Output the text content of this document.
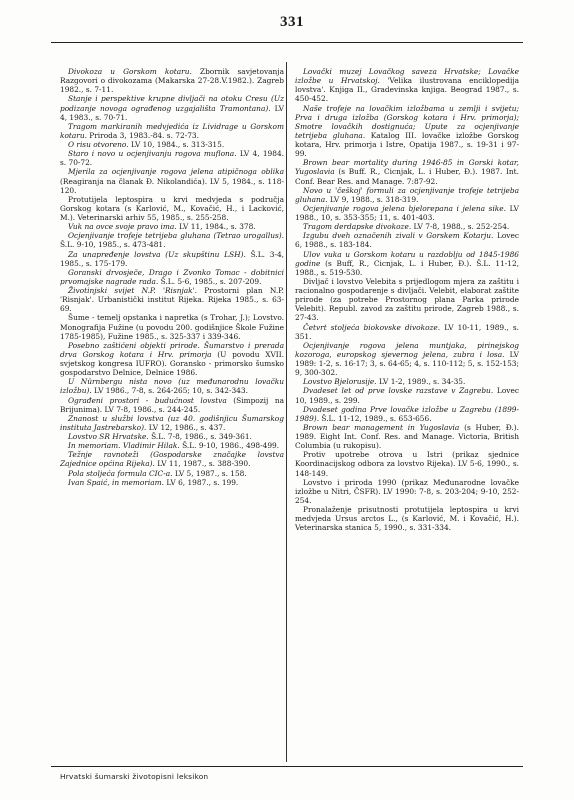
331

Divokoza u Gorskom kotaru. Zbornik savjetovanja Razgovori o divokozama (Makarska 27-28.V.1982.). Zagreb 1982., s. 7-11.

Stanje i perspektive krupne divljači na otoku Cresu (Uz podizanje novoga ograđenog uzgajališta Tramontana). LV 4, 1983., s. 70-71.

Tragom markiranih medvjedića iz Lividrage u Gorskom kotaru. Priroda 3, 1983.-84. s. 72-73.

O risu otvoreno. LV 10, 1984., s. 313-315.

Staro i novo u ocjenjivanju rogova muflona. LV 4, 1984. s. 70-72.

Mjerila za ocjenjivanje rogova jelena atipičnoga oblika (Reagiranja na članak Đ. Nikolandića). LV 5, 1984., s. 118-120.

Protutijela leptospira u krvi medvjeda s područja Gorskog kotara (s Karlović, M., Kovačić, H., i Lacković, M.). Veterinarski arhiv 55, 1985., s. 255-258.

Vuk na ovce svoje pravo ima. LV 11, 1984., s. 378.

Ocjenjivanje trofeje tetrijeba gluhana (Tetrao urogallus). Š.L. 9-10, 1985., s. 473-481.

Za unapređenje lovstva (Uz skupštinu LSH). Š.L. 3-4, 1985., s. 175-179.

Goranski drvosječe, Drago i Zvonko Tomac - dobitnici prvomajske nagrade rada. Š.L. 5-6, 1985., s. 207-209.

Životinjski svijet N.P. 'Risnjak'. Prostorni plan N.P. 'Risnjak'. Urbanistički institut Rijeka. Rijeka 1985., s. 63-69.

Šume - temelj opstanka i napretka (s Trohar, J.); Lovstvo. Monografija Fužine (u povodu 200. godišnjice Škole Fužine 1785-1985), Fužine 1985., s. 325-337 i 339-346.

Posebno zaštićeni objekti prirode. Šumarstvo i prerada drva Gorskog kotara i Hrv. primorja (U povodu XVII. svjetskog kongresa IUFRO). Goransko - primorsko šumsko gospodarstvo Delnice, Delnice 1986.

U Nürnbergu nista novo (uz međunarodnu lovačku izložbu). LV 1986., 7-8, s. 264-265; 10, s. 342-343.

Ograđeni prostori - budućnost lovstva (Simpozij na Brijunima). LV 7-8, 1986., s. 244-245.

Znanost u službi lovstva (uz 40. godišnjicu Šumarskog instituta Jastrebarsko). LV 12, 1986., s. 437.

Lovstvo SR Hrvatske. Š.L. 7-8, 1986., s. 349-361.

In memoriam. Vladimir Hilak. Š.L. 9-10, 1986., 498-499.

Težnje ravnoteži (Gospodarske značajke lovstva Zajednice općina Rijeka). LV 11, 1987., s. 388-390.

Pola stoljeća formula CIC-a. LV 5, 1987., s. 158.

Ivan Spaić, in memoriam. LV 6, 1987., s. 199.

Lovački muzej Lovačkog saveza Hrvatske; Lovačke izložbe u Hrvatskoj. 'Velika ilustrovana enciklopedija lovstva'. Knjiga II., Gradevinska knjiga. Beograd 1987., s. 450-452.

Naše trofeje na lovačkim izložbama u zemlji i svijetu; Prva i druga izložba (Gorskog kotara i Hrv. primorja); Smotre lovačkih dostignuća; Upute za ocjenjivanje tetrijeba gluhana. Katalog III. lovačke izložbe Gorskog kotara, Hrv. primorja i Istre, Opatija 1987., s. 19-31 i 97-99.

Brown bear mortality during 1946-85 in Gorski kotar, Yugoslavia (s Buff. R., Cicnjak, L. i Huber, Đ.). 1987. Int. Conf. Bear Res. and Manage. 7:87-92.

Novo u 'češkoj' formuli za ocjenjivanje trofeje tetrijeba gluhana. LV 9, 1988., s. 318-319.

Ocjenjivanje rogova jelena bjelorepana i jelena sike. LV 1988., 10, s. 353-355; 11, s. 401-403.

Tragom derdapske divokoze. LV 7-8, 1988., s. 252-254.

Izgubu dveh označenih zivali v Gorskem Kotarju. Lovec 6, 1988., s. 183-184.

Ulov vuka u Gorskom kotaru u razdoblju od 1845-1986 godine (s Buff, R., Cicnjak, L. i Huber, Đ.). Š.L. 11-12, 1988., s. 519-530.

Divljač i lovstvo Velebita s prijedlogom mjera za zaštitu i racionalno gospodarenje s divljači. Velebit, elaborat zaštite prirode (za potrebe Prostornog plana Parka prirode Velebit). Republ. zavod za zaštitu prirode, Zagreb 1988., s. 27-43.

Četvrt stoljeća biokovske divokoze. LV 10-11, 1989., s. 351.

Ocjenjivanje rogova jelena muntjaka, pirinejskog kozoroga, europskog sjevernog jelena, zubra i losa. LV 1989: 1-2, s. 16-17; 3, s. 64-65; 4, s. 110-112; 5, s. 152-153; 9, 300-302.

Lovstvo Bjelorusije. LV 1-2, 1989., s. 34-35.

Dvadeset let od prve lovske razstave v Zagrebu. Lovec 10, 1989., s. 299.

Dvadeset godina Prve lovačke izložbe u Zagrebu (1899-1989). Š.L. 11-12, 1989., s. 653-656.

Brown bear management in Yugoslavia (s Huber, Đ.). 1989. Eight Int. Conf. Res. and Manage. Victoria, British Columbia (u rukopisu).

Protiv upotrebe otrova u Istri (prikaz sjednice Koordinacijskog odbora za lovstvo Rijeka). LV 5-6, 1990., s. 148-149.

Lovstvo i priroda 1990 (prikaz Međunarodne lovačke izložbe u Nitri, ČSFR). LV 1990: 7-8, s. 203-204; 9-10, 252-254.

Pronalaženje prisutnosti protutijela leptospira u krvi medvjeda Ursus arctos L., (s Karlović, M. i Kovačić, H.). Veterinarska stanica 5, 1990., s. 331-334.

Hrvatski šumarski životopisni leksikon
